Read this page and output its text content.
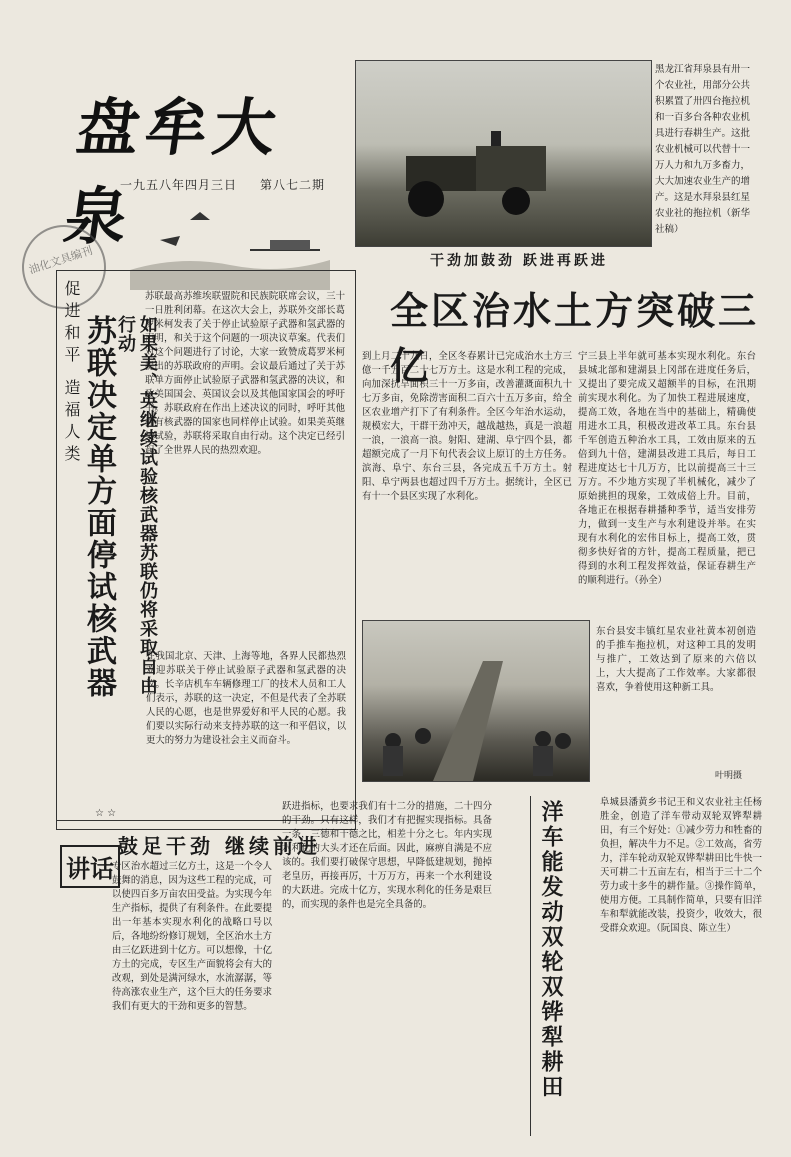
盘牟大泉
一九五八年四月三日 第八七二期
油化文具编刊
黑龙江省拜泉县有卅一个农业社，用部分公共积累置了卅四台拖拉机和一百多台各种农业机具进行春耕生产。这批农业机械可以代替十一万人力和九万多畜力，大大加速农业生产的增产。这是水拜泉县红星农业社的拖拉机（新华社稿）
干劲加鼓劲 跃进再跃进
全区治水土方突破三亿
到上月二十九日，全区冬春累计已完成治水土方三億一千五百二十七万方土。这是水利工程的完成，向加深抗旱面积三十一万多亩，改善灌溉面积九十七万多亩，免除涝害面积二百六十五万多亩，给全区农业增产打下了有利条件。全区今年治水运动，规模宏大，干群干劲冲天，越战越热，真是一浪超一浪，一浪高一浪。射阳、建湖、阜宁四个县，都超额完成了一月下旬代表会议上原订的土方任务。滨海、阜宁、东台三县，各完成五千万方土。射阳、阜宁两县也超过四千万方土。据统计，全区已有十一个县区实现了水利化。
宁三县上半年就可基本实现水利化。东台县城北部和建湖县上冈部在进度任务后，又提出了要完成又超额半的目标，在汛期前实现水利化。为了加快工程进展速度，提高工效，各地在当中的基础上，精确使用进水工具，积极改进改革工具。东台县千军创造五种治水工具，工效由原来的五倍到九十倍，建湖县改进工具后，每日工程进度达七十几万方，比以前提高三十三万方。不少地方实现了半机械化，减少了原始挑担的现象，工效成倍上升。目前，各地正在根据春耕播种季节，适当安排劳力，做到一支生产与水利建设并举。在实现有水利化的宏伟目标上，提高工效，贯彻多快好省的方针，提高工程质量，把已得到的水利工程发挥效益，保证春耕生产的顺利进行。（孙全）
东台县安丰镇红星农业社黄本初创造的手推车拖拉机，对这种工具的发明与推广，工效达到了原来的六倍以上，大大提高了工作效率。大家都很喜欢，争着使用这种新工具。
叶明摄
促进和平 造福人类 苏联决定单方面停试核武器	如果美、英继续试验核武器苏联仍将采取自由行动
苏联最高苏维埃联盟院和民族院联席会议，三十一日胜利闭幕。在这次大会上，苏联外交部长葛罗米柯发表了关于停止试验原子武器和氢武器的声明，和关于这个问题的一项决议草案。代表们对这个问题进行了讨论，大家一致赞成葛罗米柯提出的苏联政府的声明。会议最后通过了关于苏联单方面停止试验原子武器和氢武器的决议，和致美国国会、英国议会以及其他国家国会的呼吁书。苏联政府在作出上述决议的同时，呼吁其他拥有核武器的国家也同样停止试验。如果美英继续试验，苏联将采取自由行动。这个决定已经引起了全世界人民的热烈欢迎。
在我国北京、天津、上海等地，各界人民都热烈欢迎苏联关于停止试验原子武器和氢武器的决议。长辛店机车车辆修理工厂的技术人员和工人们表示，苏联的这一决定，不但是代表了全苏联人民的心愿，也是世界爱好和平人民的心愿。我们要以实际行动来支持苏联的这一和平倡议，以更大的努力为建设社会主义而奋斗。
☆ ☆
鼓足干劲 继续前进
讲话
专区治水超过三亿方土，这是一个令人鼓舞的消息，因为这些工程的完成，可以使四百多万亩农田受益。为实现今年生产指标，提供了有利条件。在此要提出一年基本实现水利化的战略口号以后，各地纷纷修订规划，全区治水土方由三亿跃进到十亿方。可以想像，十亿方土的完成，专区生产面貌将会有大的改观，到处是满河绿水，水流潺潺，等待高涨农业生产，这个巨大的任务要求我们有更大的干劲和更多的智慧。
跃进指标，也要求我们有十二分的措施，二十四分的干劲。只有这样，我们才有把握实现指标。具备一条，三德和干德之比，相差十分之七。年内实现水利化的大头才还在后面。因此，麻痹自满是不应该的。我们要打破保守思想，早降低建规划，抛掉老皇历，再接再厉，十万万方，再来一个水利建设的大跃进。完成十亿方，实现水利化的任务是艰巨的，而实现的条件也是完全具备的。	洋车能发动双轮双铧犁耕田	阜城县潘黄乡书记王和义农业社主任杨胜金，创造了洋车带动双轮双铧犁耕田，有三个好处：①减少劳力和牲畜的负担，解决牛力不足。②工效高，省劳力，洋车轮动双轮双铧犁耕田比牛快一天可耕二十五亩左右，相当于三十二个劳力或十多牛的耕作量。③操作简单，使用方便。工具制作简单，只要有旧洋车和犁就能改装，投资少，收效大，很受群众欢迎。（阮国良、陈立生）
